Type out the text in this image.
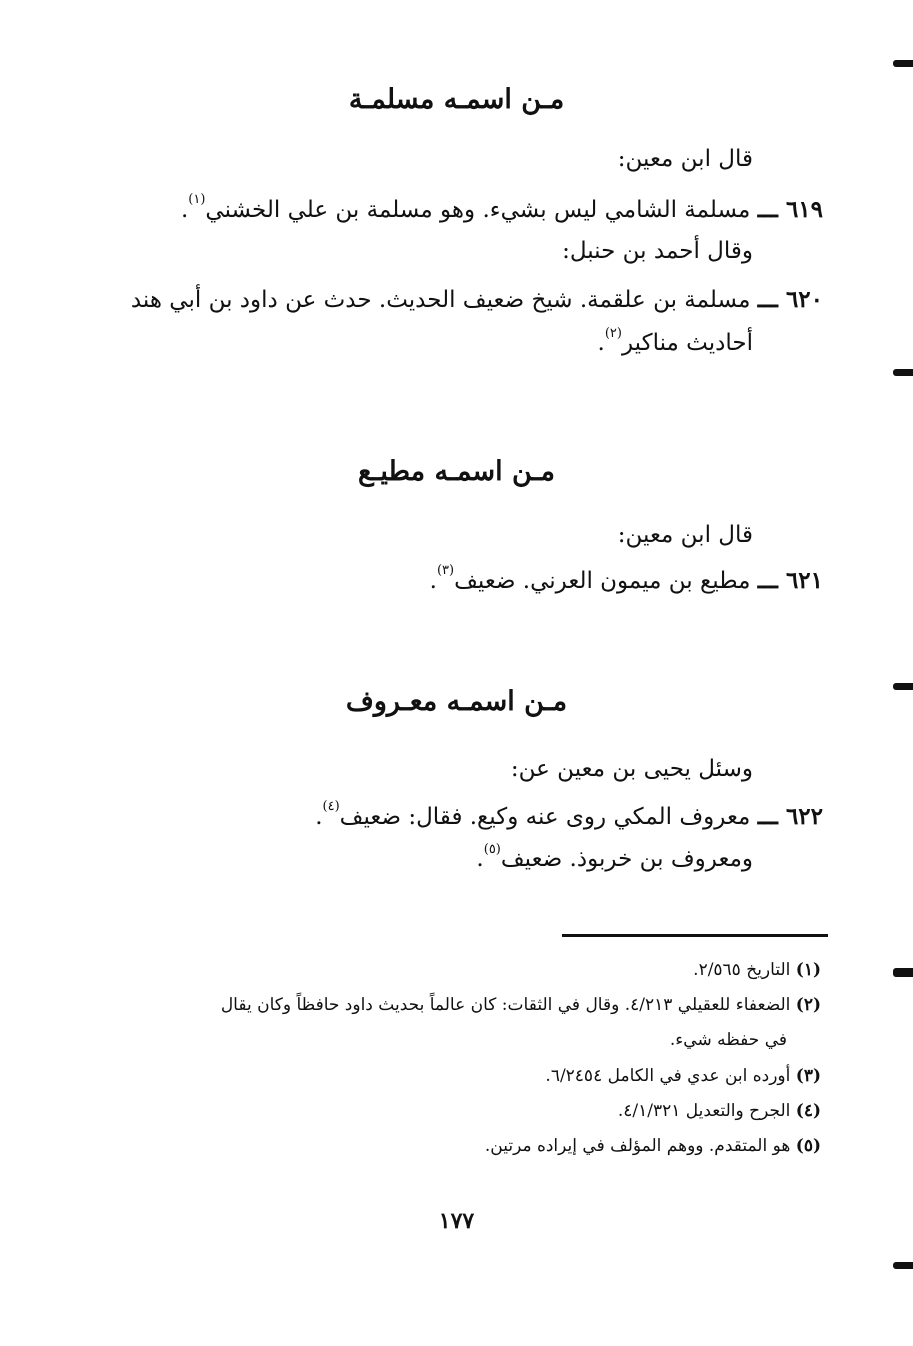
مـن اسمـه مسلمـة
قال ابن معين:
٦١٩ ـــ مسلمة الشامي ليس بشيء. وهو مسلمة بن علي الخشني$^{(١)}$.
وقال أحمد بن حنبل:
٦٢٠ ـــ مسلمة بن علقمة. شيخ ضعيف الحديث. حدث عن داود بن أبي هند
أحاديث مناكير$^{(٢)}$.
مـن اسمـه مطيـع
قال ابن معين:
٦٢١ ـــ مطيع بن ميمون العرني. ضعيف$^{(٣)}$.
مـن اسمـه معـروف
وسئل يحيى بن معين عن:
٦٢٢ ـــ معروف المكي روى عنه وكيع. فقال: ضعيف$^{(٤)}$.
ومعروف بن خربوذ. ضعيف$^{(٥)}$.
(١) التاريخ ٢/٥٦٥.
(٢) الضعفاء للعقيلي ٤/٢١٣. وقال في الثقات: كان عالماً بحديث داود حافظاً وكان يقال
في حفظه شيء.
(٣) أورده ابن عدي في الكامل ٦/٢٤٥٤.
(٤) الجرح والتعديل ٤/١/٣٢١.
(٥) هو المتقدم. ووهم المؤلف في إيراده مرتين.
١٧٧
